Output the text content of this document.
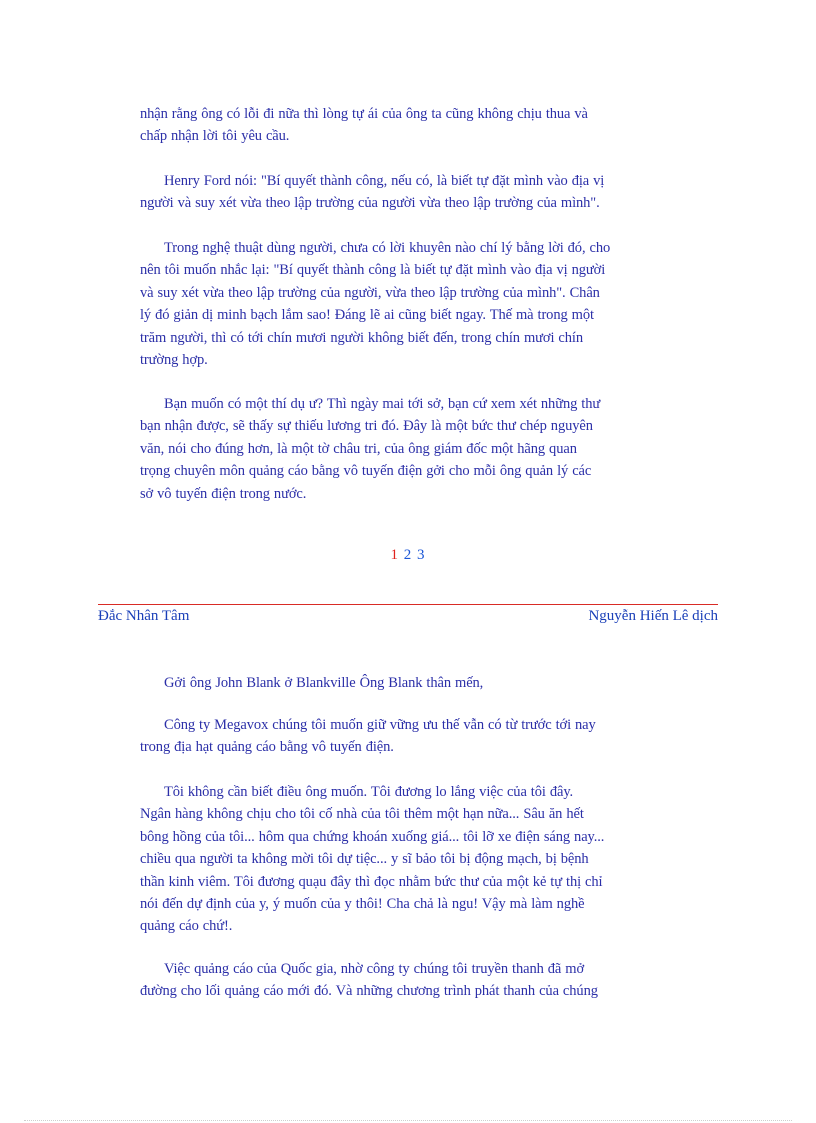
nhận rằng ông có lỗi đi nữa thì lòng tự ái của ông ta cũng không chịu thua và
chấp nhận lời tôi yêu cầu.
Henry Ford nói: "Bí quyết thành công, nếu có, là biết tự đặt mình vào địa vị
người và suy xét vừa theo lập trường của người vừa theo lập trường của mình".
Trong nghệ thuật dùng người, chưa có lời khuyên nào chí lý bằng lời đó, cho
nên tôi muốn nhắc lại: "Bí quyết thành công là biết tự đặt mình vào địa vị người
và suy xét vừa theo lập trường của người, vừa theo lập trường của mình". Chân
lý đó giản dị minh bạch lắm sao! Đáng lẽ ai cũng biết ngay. Thế mà trong một
trăm người, thì có tới chín mươi người không biết đến, trong chín mươi chín
trường hợp.
Bạn muốn có một thí dụ ư? Thì ngày mai tới sở, bạn cứ xem xét những thư
bạn nhận được, sẽ thấy sự thiếu lương tri đó. Đây là một bức thư chép nguyên
văn, nói cho đúng hơn, là một tờ châu tri, của ông giám đốc một hãng quan
trọng chuyên môn quảng cáo bằng vô tuyến điện gởi cho mỗi ông quản lý các
sở vô tuyến điện trong nước.
1 2 3
Đắc Nhân Tâm	Nguyễn Hiến Lê dịch
Gởi ông John Blank ở Blankville Ông Blank thân mến,
Công ty Megavox chúng tôi muốn giữ vững ưu thế vẫn có từ trước tới nay
trong địa hạt quảng cáo bằng vô tuyến điện.
Tôi không cần biết điều ông muốn. Tôi đương lo lắng việc của tôi đây.
Ngân hàng không chịu cho tôi cố nhà của tôi thêm một hạn nữa... Sâu ăn hết
bông hồng của tôi... hôm qua chứng khoán xuống giá... tôi lỡ xe điện sáng nay...
chiều qua người ta không mời tôi dự tiệc... y sĩ bảo tôi bị động mạch, bị bệnh
thần kinh viêm. Tôi đương quạu đây thì đọc nhằm bức thư của một kẻ tự thị chỉ
nói đến dự định của y, ý muốn của y thôi! Cha chả là ngu! Vậy mà làm nghề
quảng cáo chứ!.
Việc quảng cáo của Quốc gia, nhờ công ty chúng tôi truyền thanh đã mở
đường cho lối quảng cáo mới đó. Và những chương trình phát thanh của chúng
